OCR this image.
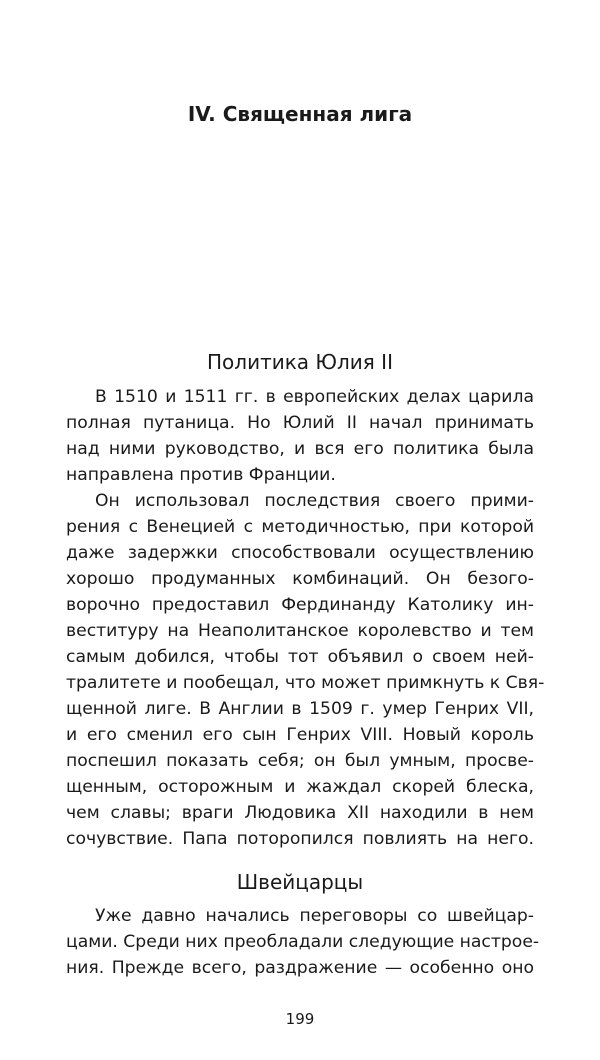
IV. Священная лига
Политика Юлия II
В 1510 и 1511 гг. в европейских делах царила
полная путаница. Но Юлий II начал принимать
над ними руководство, и вся его политика была
направлена против Франции.
Он использовал последствия своего прими-
рения с Венецией с методичностью, при которой
даже задержки способствовали осуществлению
хорошо продуманных комбинаций. Он безого-
ворочно предоставил Фердинанду Католику ин-
веституру на Неаполитанское королевство и тем
самым добился, чтобы тот объявил о своем ней-
тралитете и пообещал, что может примкнуть к Свя-
щенной лиге. В Англии в 1509 г. умер Генрих VII,
и его сменил его сын Генрих VIII. Новый король
поспешил показать себя; он был умным, просве-
щенным, осторожным и жаждал скорей блеска,
чем славы; враги Людовика XII находили в нем
сочувствие. Папа поторопился повлиять на него.
Швейцарцы
Уже давно начались переговоры со швейцар-
цами. Среди них преобладали следующие настрое-
ния. Прежде всего, раздражение — особенно оно
199
